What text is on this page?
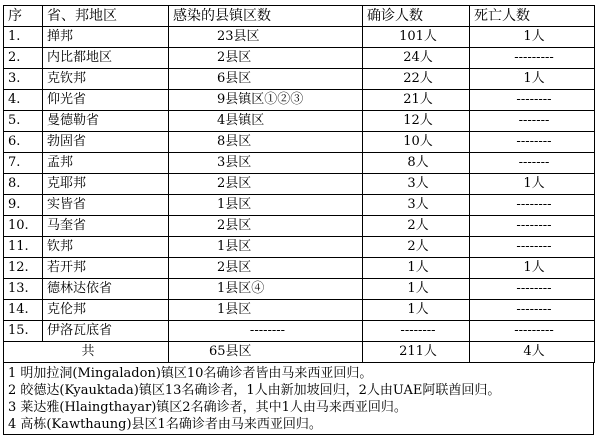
序	省、邦地区	感染的县镇区数	确诊人数	死亡人数
1.	掸邦	23县区	101人	1人
2.	内比都地区	2县区	24人	---------
3.	克钦邦	6县区	22人	1人
4.	仰光省	9县镇区①②③	21人	--------
5.	曼德勒省	4县镇区	12人	-------
6.	勃固省	8县区	10人	--------
7.	孟邦	3县区	8人	-------
8.	克耶邦	2县区	3人	1人
9.	实皆省	1县区	3人	--------
10.	马奎省	2县区	2人	--------
11.	钦邦	1县区	2人	--------
12.	若开邦	2县区	1人	1人
13.	德林达依省	1县区④	1人	--------
14.	克伦邦	1县区	1人	--------
15.	伊洛瓦底省	--------	--------	---------
共		65县区	211人	4人
1 明加拉洞(Mingaladon)镇区10名确诊者皆由马来西亚回归。
2 皎德达(Kyauktada)镇区13名确诊者，1人由新加坡回归，2人由UAE阿联酋回归。
3 莱达雅(Hlaingthayar)镇区2名确诊者，其中1人由马来西亚回归。
4 高栋(Kawthaung)县区1名确诊者由马来西亚回归。
